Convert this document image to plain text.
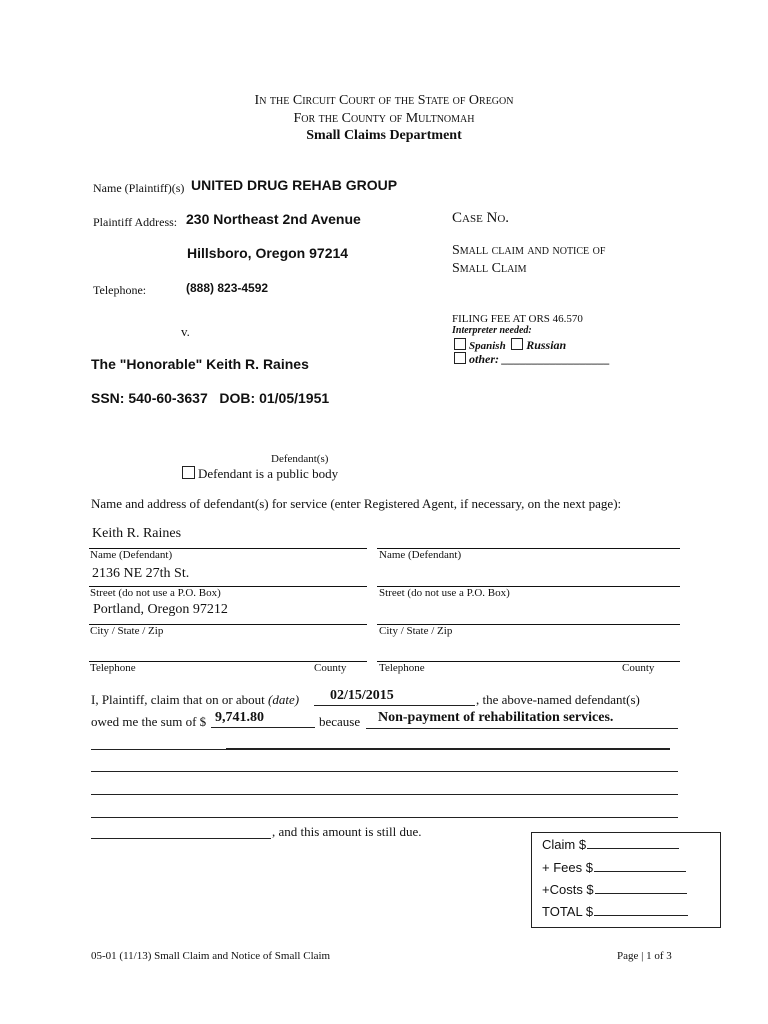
In the Circuit Court of the State of Oregon
For the County of Multnomah
Small Claims Department
Name (Plaintiff)(s) UNITED DRUG REHAB GROUP
Plaintiff Address: 230 Northeast 2nd Avenue
Hillsboro, Oregon 97214
Telephone:	(888) 823-4592
Case No.
Small claim and notice of
Small Claim
FILING FEE AT ORS 46.570
Interpreter needed:
Spanish Russian
other: __________________
v.
The "Honorable" Keith R. Raines
SSN: 540-60-3637   DOB: 01/05/1951
Defendant(s)
Defendant is a public body
Name and address of defendant(s) for service (enter Registered Agent, if necessary, on the next page):
Keith R. Raines
Name (Defendant)	Name (Defendant)
2136 NE 27th St.
Street (do not use a P.O. Box)	Street (do not use a P.O. Box)
Portland, Oregon 97212
City / State / Zip	City / State / Zip
Telephone	County	Telephone	County
I, Plaintiff, claim that on or about (date) 02/15/2015	, the above-named defendant(s)
owed me the sum of $ 9,741.80	because Non-payment of rehabilitation services.
, and this amount is still due.
Claim $
+ Fees $
+Costs $
TOTAL $
05-01 (11/13) Small Claim and Notice of Small Claim	Page | 1 of 3
